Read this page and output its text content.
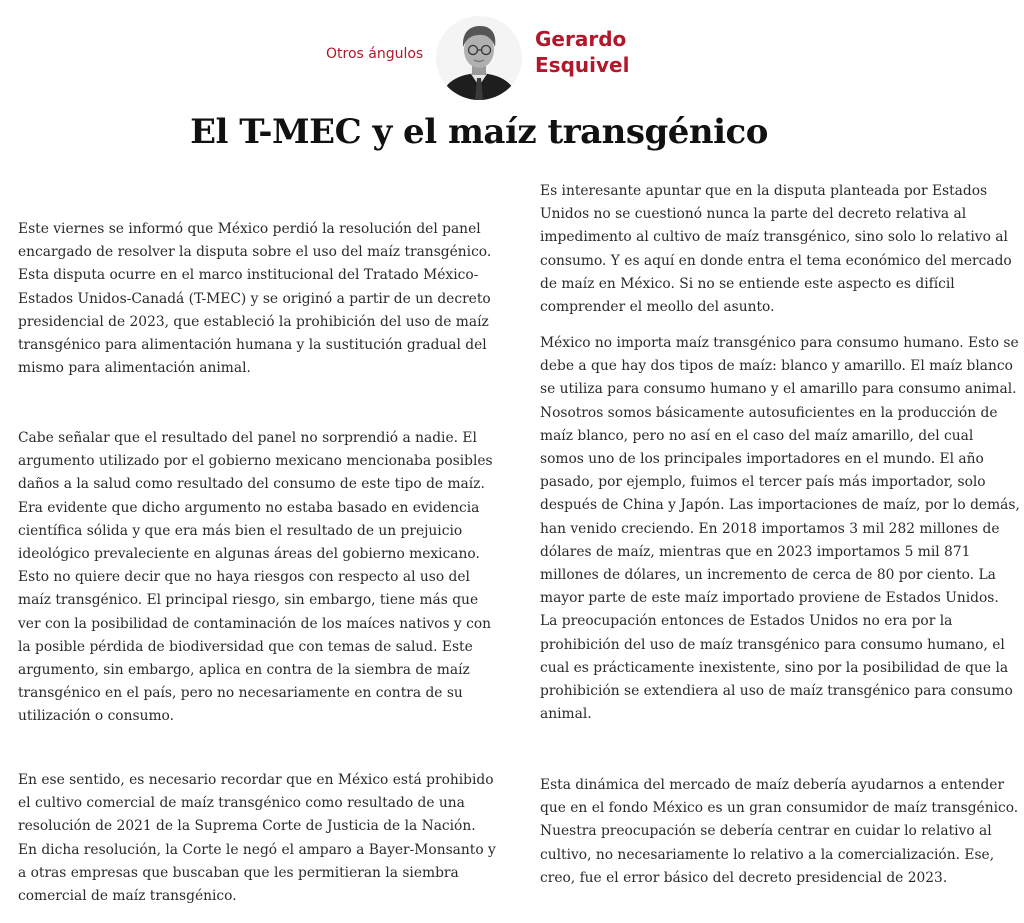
Otros ángulos
Gerardo
Esquivel
El T-MEC y el maíz transgénico

Este viernes se informó que México perdió la resolución del panel encargado de resolver la disputa sobre el uso del maíz transgénico. Esta disputa ocurre en el marco institucional del Tratado México-Estados Unidos-Canadá (T-MEC) y se originó a partir de un decreto presidencial de 2023, que estableció la prohibición del uso de maíz transgénico para alimentación humana y la sustitución gradual del mismo para alimentación animal.

Cabe señalar que el resultado del panel no sorprendió a nadie. El argumento utilizado por el gobierno mexicano mencionaba posibles daños a la salud como resultado del consumo de este tipo de maíz. Era evidente que dicho argumento no estaba basado en evidencia científica sólida y que era más bien el resultado de un prejuicio ideológico prevaleciente en algunas áreas del gobierno mexicano. Esto no quiere decir que no haya riesgos con respecto al uso del maíz transgénico. El principal riesgo, sin embargo, tiene más que ver con la posibilidad de contaminación de los maíces nativos y con la posible pérdida de biodiversidad que con temas de salud. Este argumento, sin embargo, aplica en contra de la siembra de maíz transgénico en el país, pero no necesariamente en contra de su utilización o consumo.

En ese sentido, es necesario recordar que en México está prohibido el cultivo comercial de maíz transgénico como resultado de una resolución de 2021 de la Suprema Corte de Justicia de la Nación. En dicha resolución, la Corte le negó el amparo a Bayer-Monsanto y a otras empresas que buscaban que les permitieran la siembra comercial de maíz transgénico.

Es interesante apuntar que en la disputa planteada por Estados Unidos no se cuestionó nunca la parte del decreto relativa al impedimento al cultivo de maíz transgénico, sino solo lo relativo al consumo. Y es aquí en donde entra el tema económico del mercado de maíz en México. Si no se entiende este aspecto es difícil comprender el meollo del asunto.

México no importa maíz transgénico para consumo humano. Esto se debe a que hay dos tipos de maíz: blanco y amarillo. El maíz blanco se utiliza para consumo humano y el amarillo para consumo animal. Nosotros somos básicamente autosuficientes en la producción de maíz blanco, pero no así en el caso del maíz amarillo, del cual somos uno de los principales importadores en el mundo. El año pasado, por ejemplo, fuimos el tercer país más importador, solo después de China y Japón. Las importaciones de maíz, por lo demás, han venido creciendo. En 2018 importamos 3 mil 282 millones de dólares de maíz, mientras que en 2023 importamos 5 mil 871 millones de dólares, un incremento de cerca de 80 por ciento. La mayor parte de este maíz importado proviene de Estados Unidos. La preocupación entonces de Estados Unidos no era por la prohibición del uso de maíz transgénico para consumo humano, el cual es prácticamente inexistente, sino por la posibilidad de que la prohibición se extendiera al uso de maíz transgénico para consumo animal.

Esta dinámica del mercado de maíz debería ayudarnos a entender que en el fondo México es un gran consumidor de maíz transgénico. Nuestra preocupación se debería centrar en cuidar lo relativo al cultivo, no necesariamente lo relativo a la comercialización. Ese, creo, fue el error básico del decreto presidencial de 2023.
